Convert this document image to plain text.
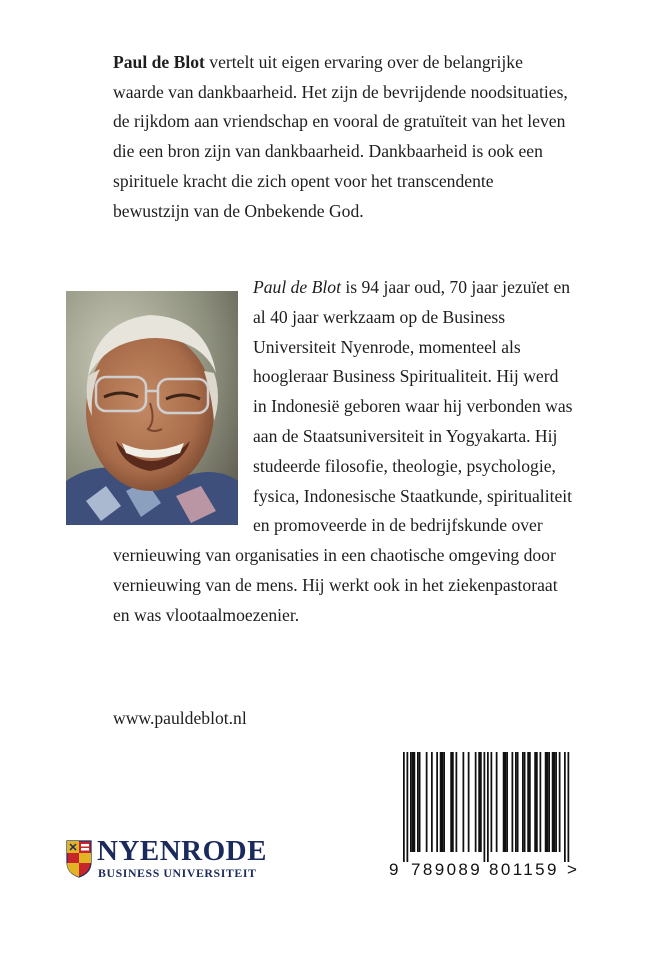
Paul de Blot vertelt uit eigen ervaring over de belangrijke waarde van dankbaarheid. Het zijn de bevrijdende noodsituaties, de rijkdom aan vriendschap en vooral de gratuïteit van het leven die een bron zijn van dankbaarheid. Dankbaarheid is ook een spirituele kracht die zich opent voor het transcendente bewustzijn van de Onbekende God.

Paul de Blot is 94 jaar oud, 70 jaar jezuïet en al 40 jaar werkzaam op de Business Universiteit Nyenrode, momenteel als hoogleraar Business Spiritualiteit. Hij werd in Indonesië geboren waar hij verbonden was aan de Staatsuniversiteit in Yogyakarta. Hij studeerde filosofie, theologie, psychologie, fysica, Indonesische Staatkunde, spiritualiteit en promoveerde in de bedrijfskunde over vernieuwing van organisaties in een chaotische omgeving door vernieuwing van de mens. Hij werkt ook in het ziekenpastoraat en was vlootaalmoezenier.

www.pauldeblot.nl

NYENRODE
BUSINESS UNIVERSITEIT	9 789089 801159 >
